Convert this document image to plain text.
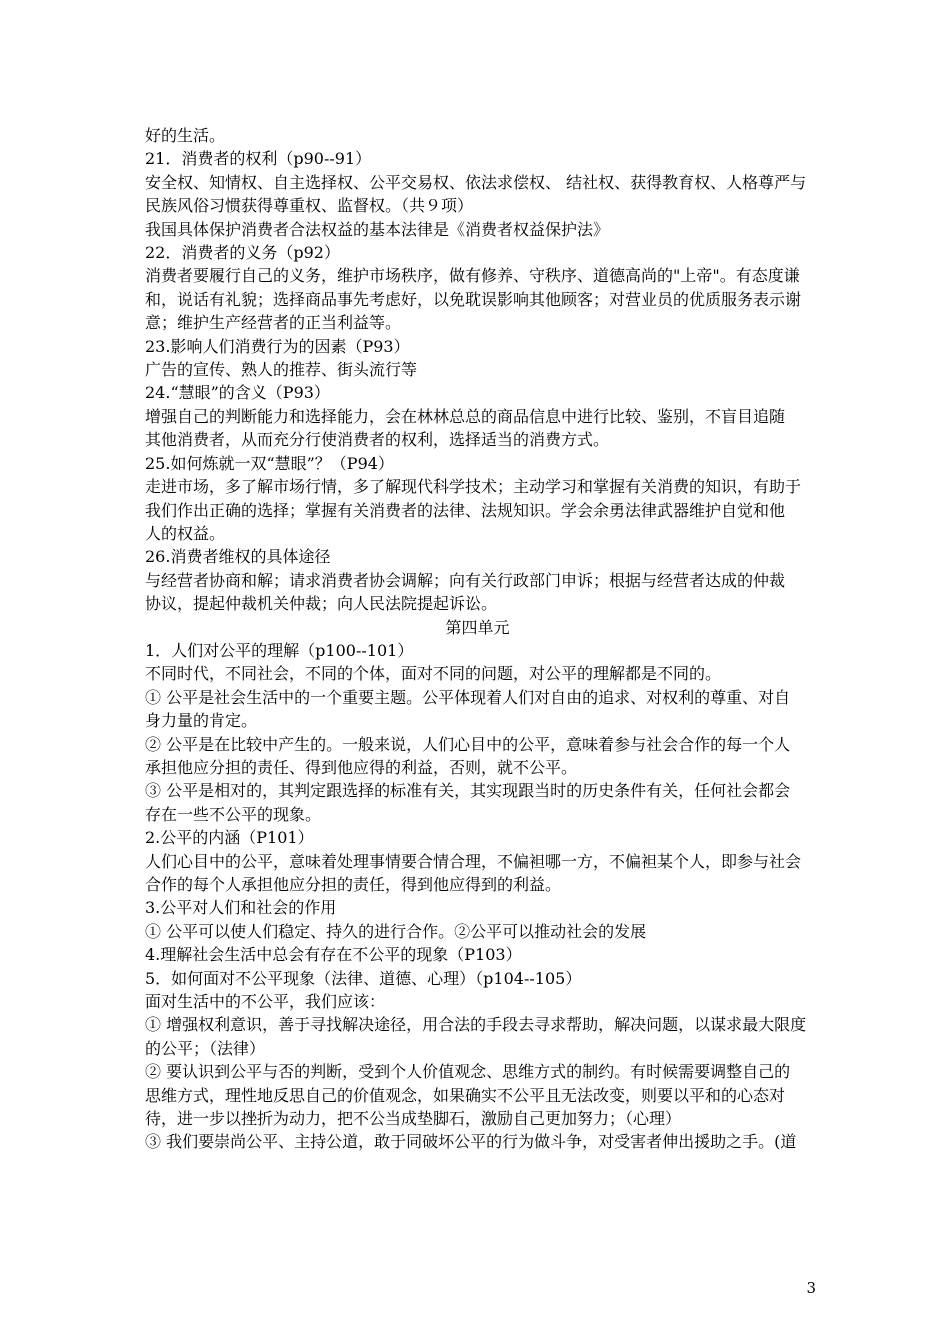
好的生活。
21．消费者的权利（p90--91）
安全权、知情权、自主选择权、公平交易权、依法求偿权、 结社权、获得教育权、人格尊严与
民族风俗习惯获得尊重权、监督权。（共９项）
我国具体保护消费者合法权益的基本法律是《消费者权益保护法》
22．消费者的义务（p92）
消费者要履行自己的义务，维护市场秩序，做有修养、守秩序、道德高尚的"上帝"。有态度谦
和，说话有礼貌；选择商品事先考虑好，以免耽误影响其他顾客；对营业员的优质服务表示谢
意；维护生产经营者的正当利益等。
23.影响人们消费行为的因素（P93）
广告的宣传、熟人的推荐、街头流行等
24.“慧眼”的含义（P93）
增强自己的判断能力和选择能力，会在林林总总的商品信息中进行比较、鉴别，不盲目追随
其他消费者，从而充分行使消费者的权利，选择适当的消费方式。
25.如何炼就一双“慧眼”？（P94）
走进市场，多了解市场行情，多了解现代科学技术；主动学习和掌握有关消费的知识，有助于
我们作出正确的选择；掌握有关消费者的法律、法规知识。学会余勇法律武器维护自觉和他
人的权益。
26.消费者维权的具体途径
与经营者协商和解；请求消费者协会调解；向有关行政部门申诉；根据与经营者达成的仲裁
协议，提起仲裁机关仲裁；向人民法院提起诉讼。
第四单元
1．人们对公平的理解（p100--101）
不同时代，不同社会，不同的个体，面对不同的问题，对公平的理解都是不同的。
① 公平是社会生活中的一个重要主题。公平体现着人们对自由的追求、对权利的尊重、对自
身力量的肯定。
② 公平是在比较中产生的。一般来说，人们心目中的公平，意味着参与社会合作的每一个人
承担他应分担的责任、得到他应得的利益，否则，就不公平。
③ 公平是相对的，其判定跟选择的标准有关，其实现跟当时的历史条件有关，任何社会都会
存在一些不公平的现象。
2.公平的内涵（P101）
人们心目中的公平，意味着处理事情要合情合理，不偏袒哪一方，不偏袒某个人，即参与社会
合作的每个人承担他应分担的责任，得到他应得到的利益。
3.公平对人们和社会的作用
① 公平可以使人们稳定、持久的进行合作。②公平可以推动社会的发展
4.理解社会生活中总会有存在不公平的现象（P103）
5．如何面对不公平现象（法律、道德、心理）（p104--105）
面对生活中的不公平，我们应该：
① 增强权利意识，善于寻找解决途径，用合法的手段去寻求帮助，解决问题，以谋求最大限度
的公平；（法律）
② 要认识到公平与否的判断，受到个人价值观念、思维方式的制约。有时候需要调整自己的
思维方式，理性地反思自己的价值观念，如果确实不公平且无法改变，则要以平和的心态对
待，进一步以挫折为动力，把不公当成垫脚石，激励自己更加努力；（心理）
③ 我们要崇尚公平、主持公道，敢于同破坏公平的行为做斗争，对受害者伸出援助之手。(道
3
